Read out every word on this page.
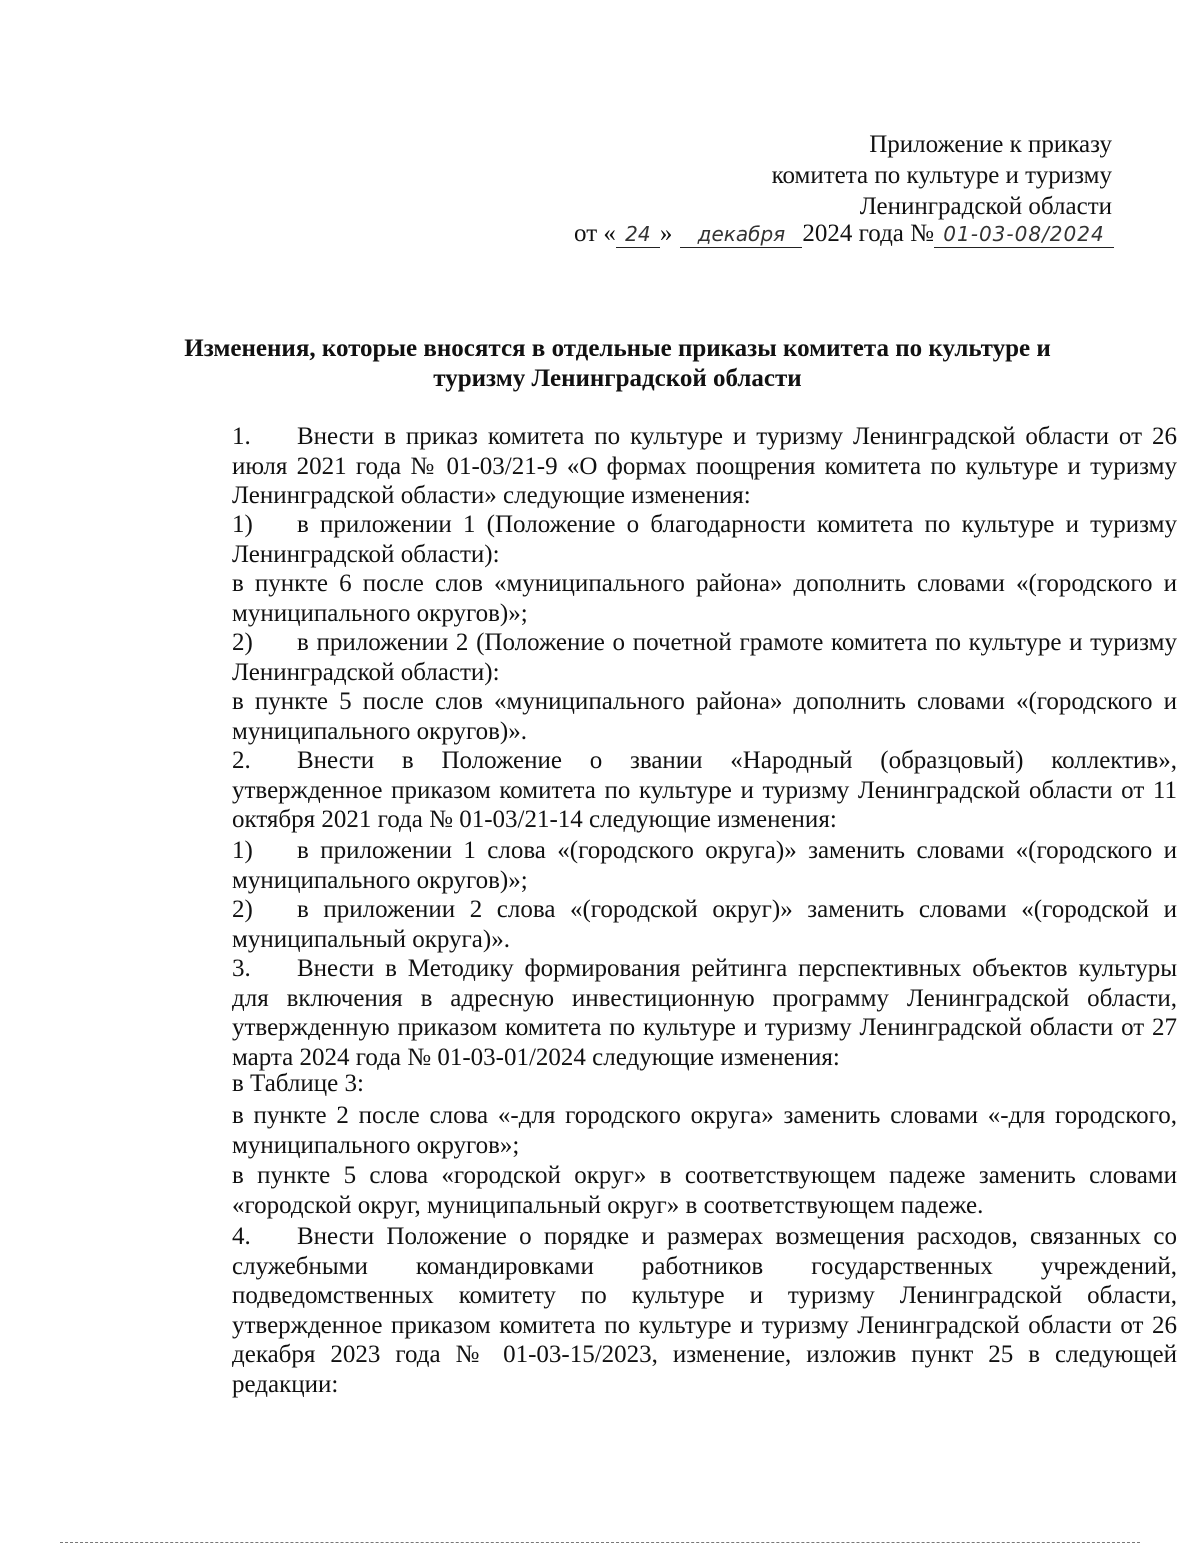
Приложение к приказу
комитета по культуре и туризму
Ленинградской области
от « 24 » декабря 2024 года № 01-03-08/2024
Изменения, которые вносятся в отдельные приказы комитета по культуре и туризму Ленинградской области
1. Внести в приказ комитета по культуре и туризму Ленинградской области от 26 июля 2021 года № 01-03/21-9 «О формах поощрения комитета по культуре и туризму Ленинградской области» следующие изменения:
1) в приложении 1 (Положение о благодарности комитета по культуре и туризму Ленинградской области):
в пункте 6 после слов «муниципального района» дополнить словами «(городского и муниципального округов)»;
2) в приложении 2 (Положение о почетной грамоте комитета по культуре и туризму Ленинградской области):
в пункте 5 после слов «муниципального района» дополнить словами «(городского и муниципального округов)».
2. Внести в Положение о звании «Народный (образцовый) коллектив», утвержденное приказом комитета по культуре и туризму Ленинградской области от 11 октября 2021 года № 01-03/21-14 следующие изменения:
1) в приложении 1 слова «(городского округа)» заменить словами «(городского и муниципального округов)»;
2) в приложении 2 слова «(городской округ)» заменить словами «(городской и муниципальный округа)».
3. Внести в Методику формирования рейтинга перспективных объектов культуры для включения в адресную инвестиционную программу Ленинградской области, утвержденную приказом комитета по культуре и туризму Ленинградской области от 27 марта 2024 года № 01-03-01/2024 следующие изменения:
в Таблице 3:
в пункте 2 после слова «-для городского округа» заменить словами «-для городского, муниципального округов»;
в пункте 5 слова «городской округ» в соответствующем падеже заменить словами «городской округ, муниципальный округ» в соответствующем падеже.
4. Внести Положение о порядке и размерах возмещения расходов, связанных со служебными командировками работников государственных учреждений, подведомственных комитету по культуре и туризму Ленинградской области, утвержденное приказом комитета по культуре и туризму Ленинградской области от 26 декабря 2023 года № 01-03-15/2023, изменение, изложив пункт 25 в следующей редакции:
